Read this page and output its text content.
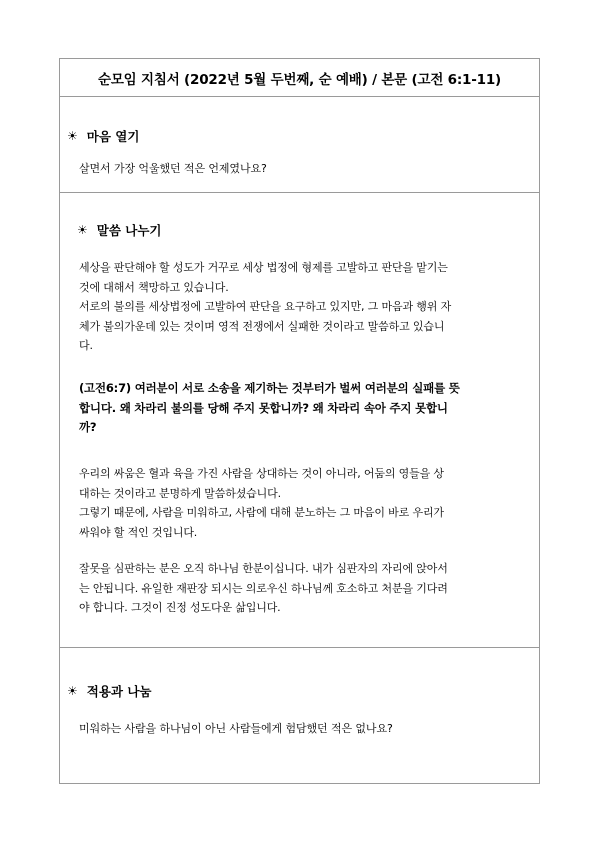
순모임 지침서 (2022년 5월 두번째, 순 예배) / 본문 (고전 6:1-11)
☀ 마음 열기
살면서 가장 억울했던 적은 언제였나요?
☀ 말씀 나누기
세상을 판단해야 할 성도가 거꾸로 세상 법정에 형제를 고발하고 판단을 맡기는
것에 대해서 책망하고 있습니다.
서로의 불의를 세상법정에 고발하여 판단을 요구하고 있지만, 그 마음과 행위 자
체가 불의가운데 있는 것이며 영적 전쟁에서 실패한 것이라고 말씀하고 있습니
다.
(고전6:7) 여러분이 서로 소송을 제기하는 것부터가 벌써 여러분의 실패를 뜻
합니다. 왜 차라리 불의를 당해 주지 못합니까? 왜 차라리 속아 주지 못합니
까?
우리의 싸움은 혈과 육을 가진 사람을 상대하는 것이 아니라, 어둠의 영들을 상
대하는 것이라고 분명하게 말씀하셨습니다.
그렇기 때문에, 사람을 미워하고, 사람에 대해 분노하는 그 마음이 바로 우리가
싸워야 할 적인 것입니다.
잘못을 심판하는 분은 오직 하나님 한분이십니다. 내가 심판자의 자리에 앉아서
는 안됩니다. 유일한 재판장 되시는 의로우신 하나님께 호소하고 처분을 기다려
야 합니다. 그것이 진정 성도다운 삶입니다.
☀ 적용과 나눔
미워하는 사람을 하나님이 아닌 사람들에게 험담했던 적은 없나요?
